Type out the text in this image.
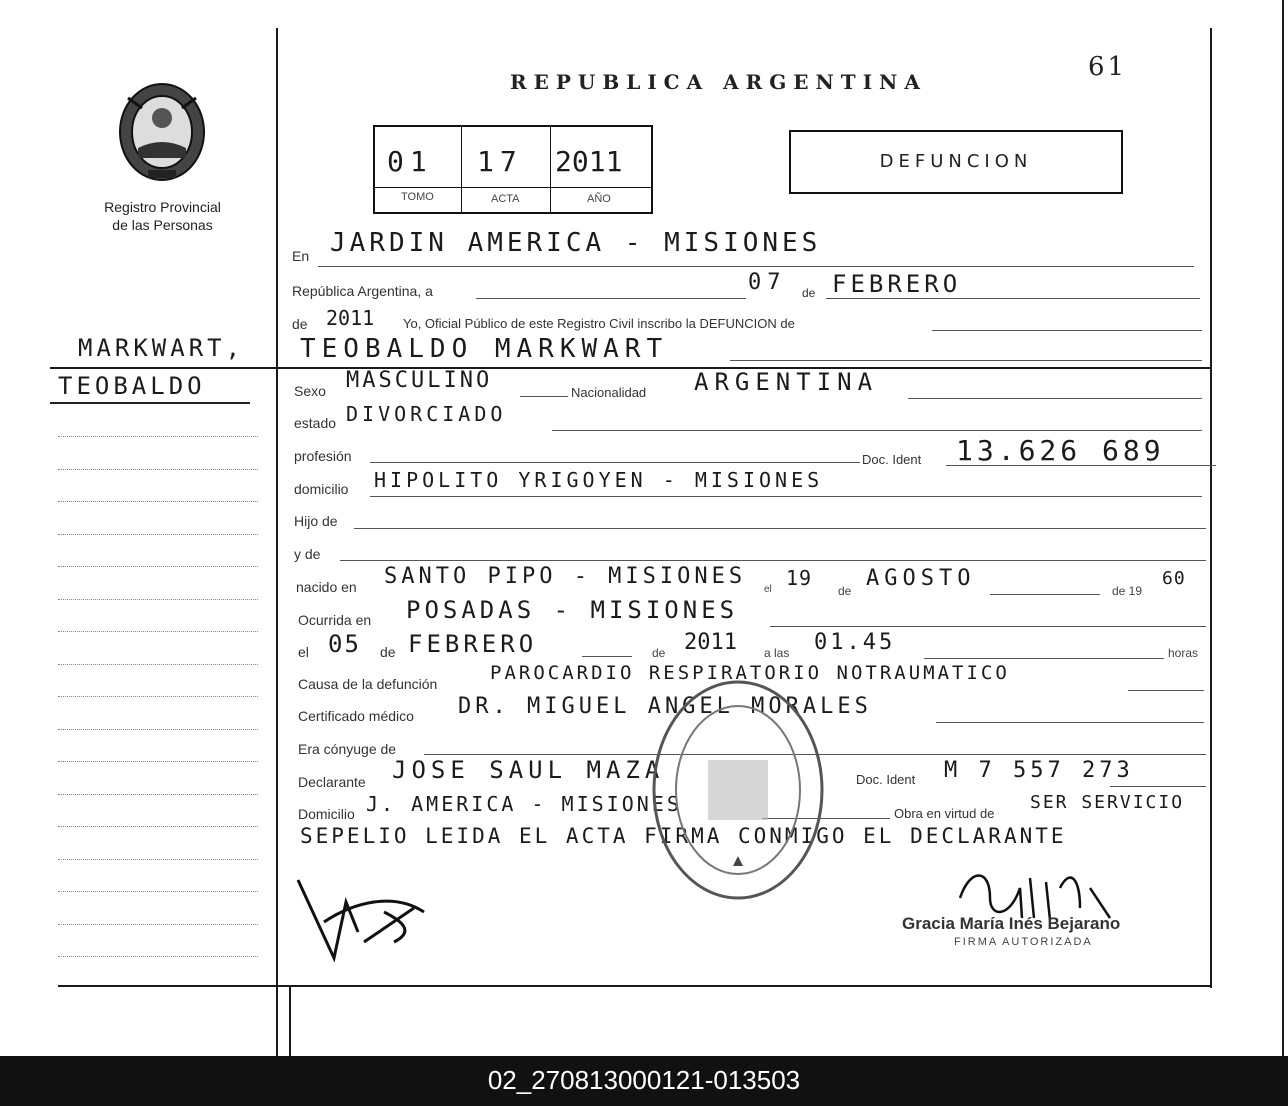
Registro Provincial
de las Personas
MARKWART,
TEOBALDO
REPUBLICA ARGENTINA	61
01 17 2011
TOMO	ACTA	AÑO
DEFUNCION
En JARDIN AMERICA - MISIONES
República Argentina, a	07 de FEBRERO
de 2011 Yo, Oficial Público de este Registro Civil inscribo la DEFUNCION de
TEOBALDO MARKWART
Sexo MASCULINO	Nacionalidad ARGENTINA
estado DIVORCIADO
profesión	Doc. Ident 13.626 689
domicilio HIPOLITO YRIGOYEN - MISIONES
Hijo de
y de
nacido en SANTO PIPO - MISIONES
el 19
de AGOSTO	de 19
60
Ocurrida en POSADAS - MISIONES
el 05 de FEBRERO	de 2011 a las 01.45	horas
Causa de la defunción	PAROCARDIO RESPIRATORIO NOTRAUMATICO
Certificado médico DR. MIGUEL ANGEL MORALES
Era cónyuge de
Declarante JOSE SAUL MAZA	Doc. Ident M 7 557 273
Domicilio J. AMERICA - MISIONES	Obra en virtud de
SER SERVICIO
SEPELIO LEIDA EL ACTA FIRMA CONMIGO EL DECLARANTE
Gracia María Inés Bejarano
FIRMA AUTORIZADA
02_270813000121-013503
